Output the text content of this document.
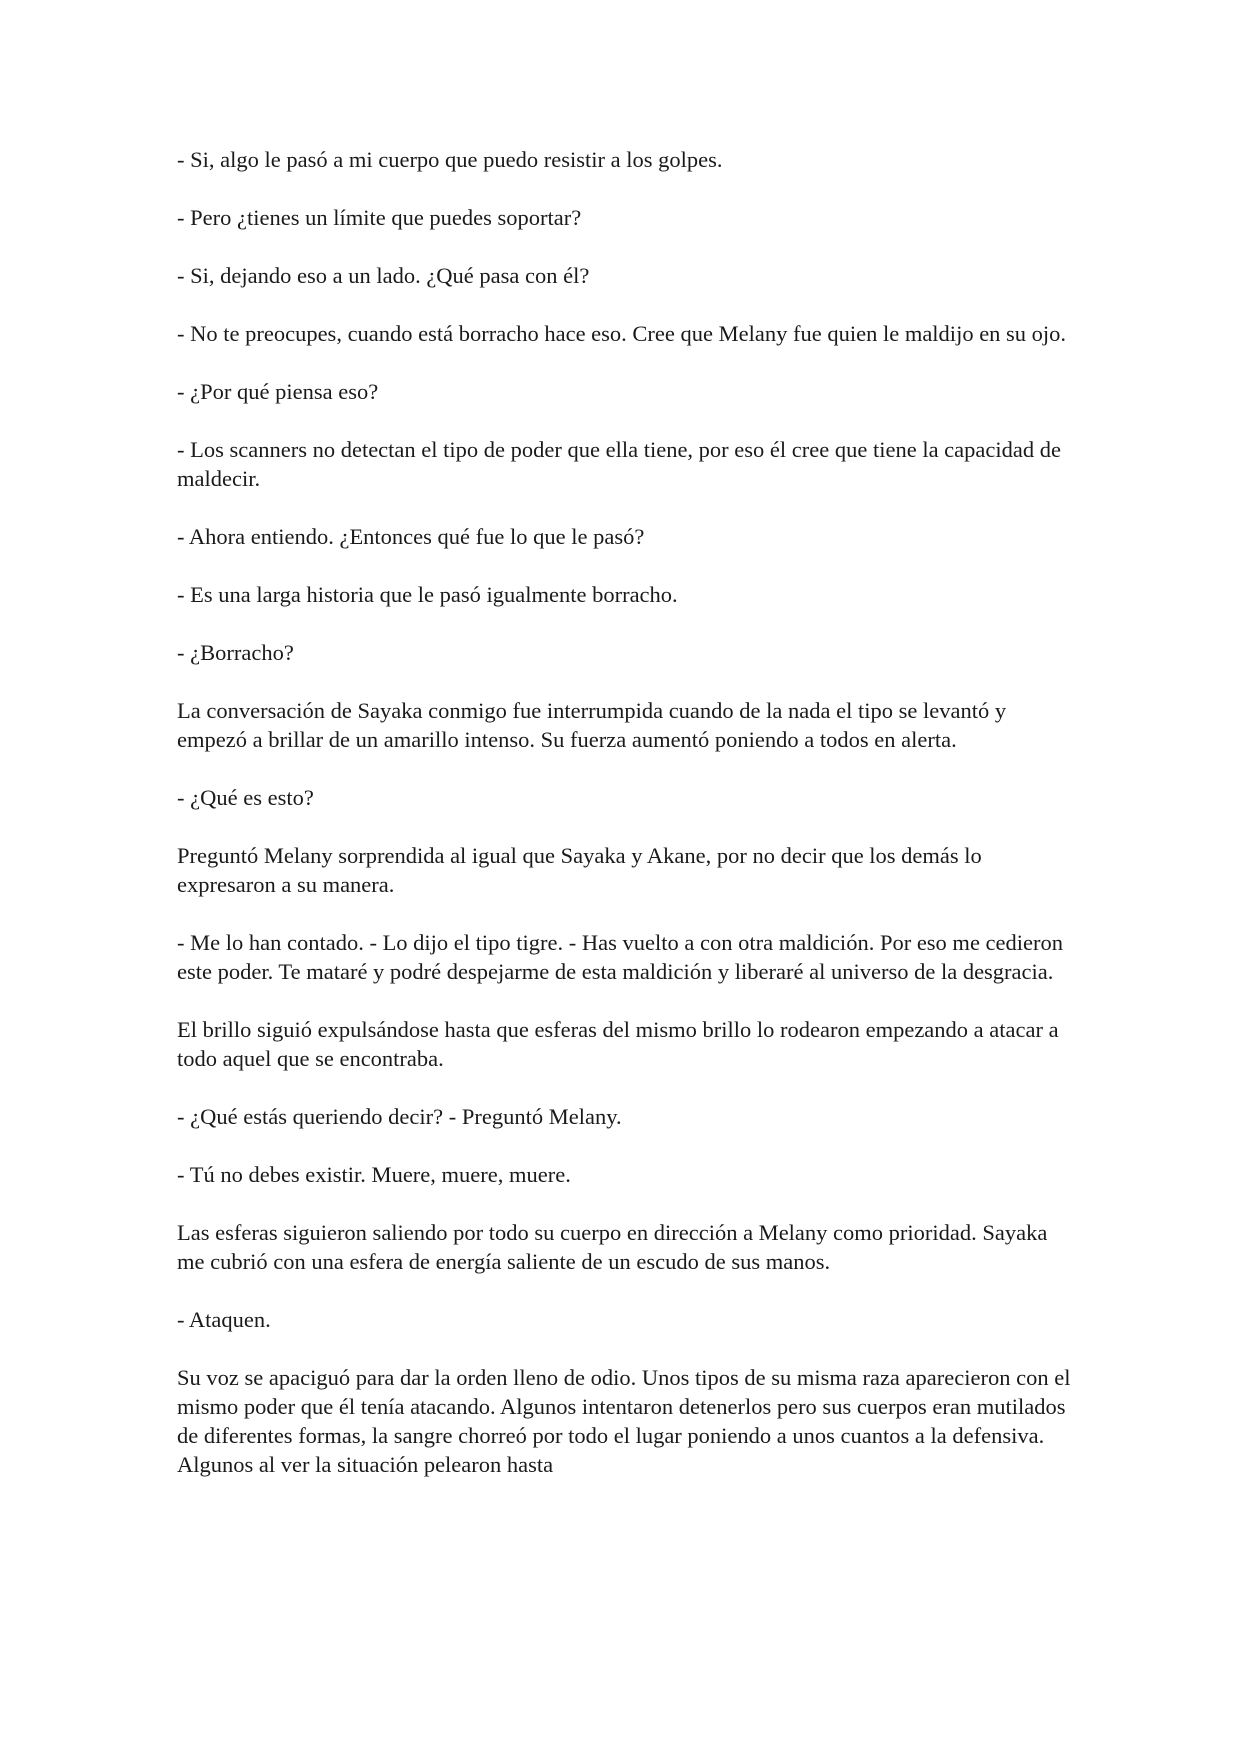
- Si, algo le pasó a mi cuerpo que puedo resistir a los golpes.

- Pero ¿tienes un límite que puedes soportar?

- Si, dejando eso a un lado. ¿Qué pasa con él?

- No te preocupes, cuando está borracho hace eso. Cree que Melany fue quien le maldijo en su ojo.

- ¿Por qué piensa eso?

- Los scanners no detectan el tipo de poder que ella tiene, por eso él cree que tiene la capacidad de maldecir.

- Ahora entiendo. ¿Entonces qué fue lo que le pasó?

- Es una larga historia que le pasó igualmente borracho.

- ¿Borracho?

La conversación de Sayaka conmigo fue interrumpida cuando de la nada el tipo se levantó y empezó a brillar de un amarillo intenso. Su fuerza aumentó poniendo a todos en alerta.

- ¿Qué es esto?

Preguntó Melany sorprendida al igual que Sayaka y Akane, por no decir que los demás lo expresaron a su manera.

- Me lo han contado. - Lo dijo el tipo tigre. - Has vuelto a con otra maldición. Por eso me cedieron este poder. Te mataré y podré despejarme de esta maldición y liberaré al universo de la desgracia.

El brillo siguió expulsándose hasta que esferas del mismo brillo lo rodearon empezando a atacar a todo aquel que se encontraba.

- ¿Qué estás queriendo decir? - Preguntó Melany.

- Tú no debes existir. Muere, muere, muere.

Las esferas siguieron saliendo por todo su cuerpo en dirección a Melany como prioridad. Sayaka me cubrió con una esfera de energía saliente de un escudo de sus manos.

- Ataquen.

Su voz se apaciguó para dar la orden lleno de odio. Unos tipos de su misma raza aparecieron con el mismo poder que él tenía atacando. Algunos intentaron detenerlos pero sus cuerpos eran mutilados de diferentes formas, la sangre chorreó por todo el lugar poniendo a unos cuantos a la defensiva. Algunos al ver la situación pelearon hasta
